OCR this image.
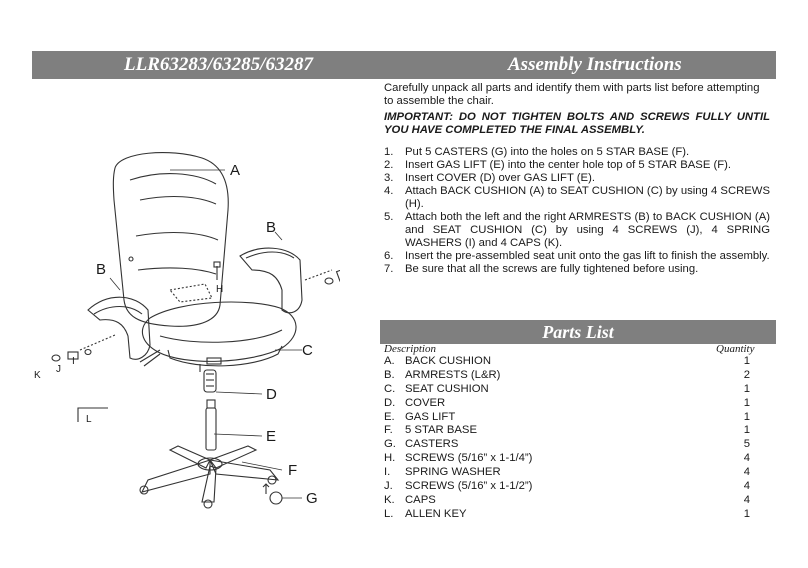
LLR63283/63285/63287	Assembly Instructions

Carefully unpack all parts and identify them with parts list before attempting to assemble the chair.

IMPORTANT: DO NOT TIGHTEN BOLTS AND SCREWS FULLY UNTIL YOU HAVE COMPLETED THE FINAL ASSEMBLY.

1. Put 5 CASTERS (G) into the holes on 5 STAR BASE (F).
2. Insert GAS LIFT (E) into the center hole top of 5 STAR BASE (F).
3. Insert COVER (D) over GAS LIFT (E).
4. Attach BACK CUSHION (A) to SEAT CUSHION (C) by using 4 SCREWS (H).
5. Attach both the left and the right ARMRESTS (B) to BACK CUSHION (A) and SEAT CUSHION (C) by using 4 SCREWS (J), 4 SPRING WASHERS (I) and 4 CAPS (K).
6. Insert the pre-assembled seat unit onto the gas lift to finish the assembly.
7. Be sure that all the screws are fully tightened before using.
Parts List
Description	Quantity
A. BACK CUSHION	1
B. ARMRESTS (L&R)	2
C. SEAT CUSHION	1
D. COVER	1
E. GAS LIFT	1
F. 5 STAR BASE	1
G. CASTERS	5
H. SCREWS (5/16” x 1-1/4”)	4
I. SPRING WASHER	4
J. SCREWS (5/16” x 1-1/2”)	4
K. CAPS	4
L. ALLEN KEY	1
A
B
B
C
D
E
F
G
H
I
J
K
L
